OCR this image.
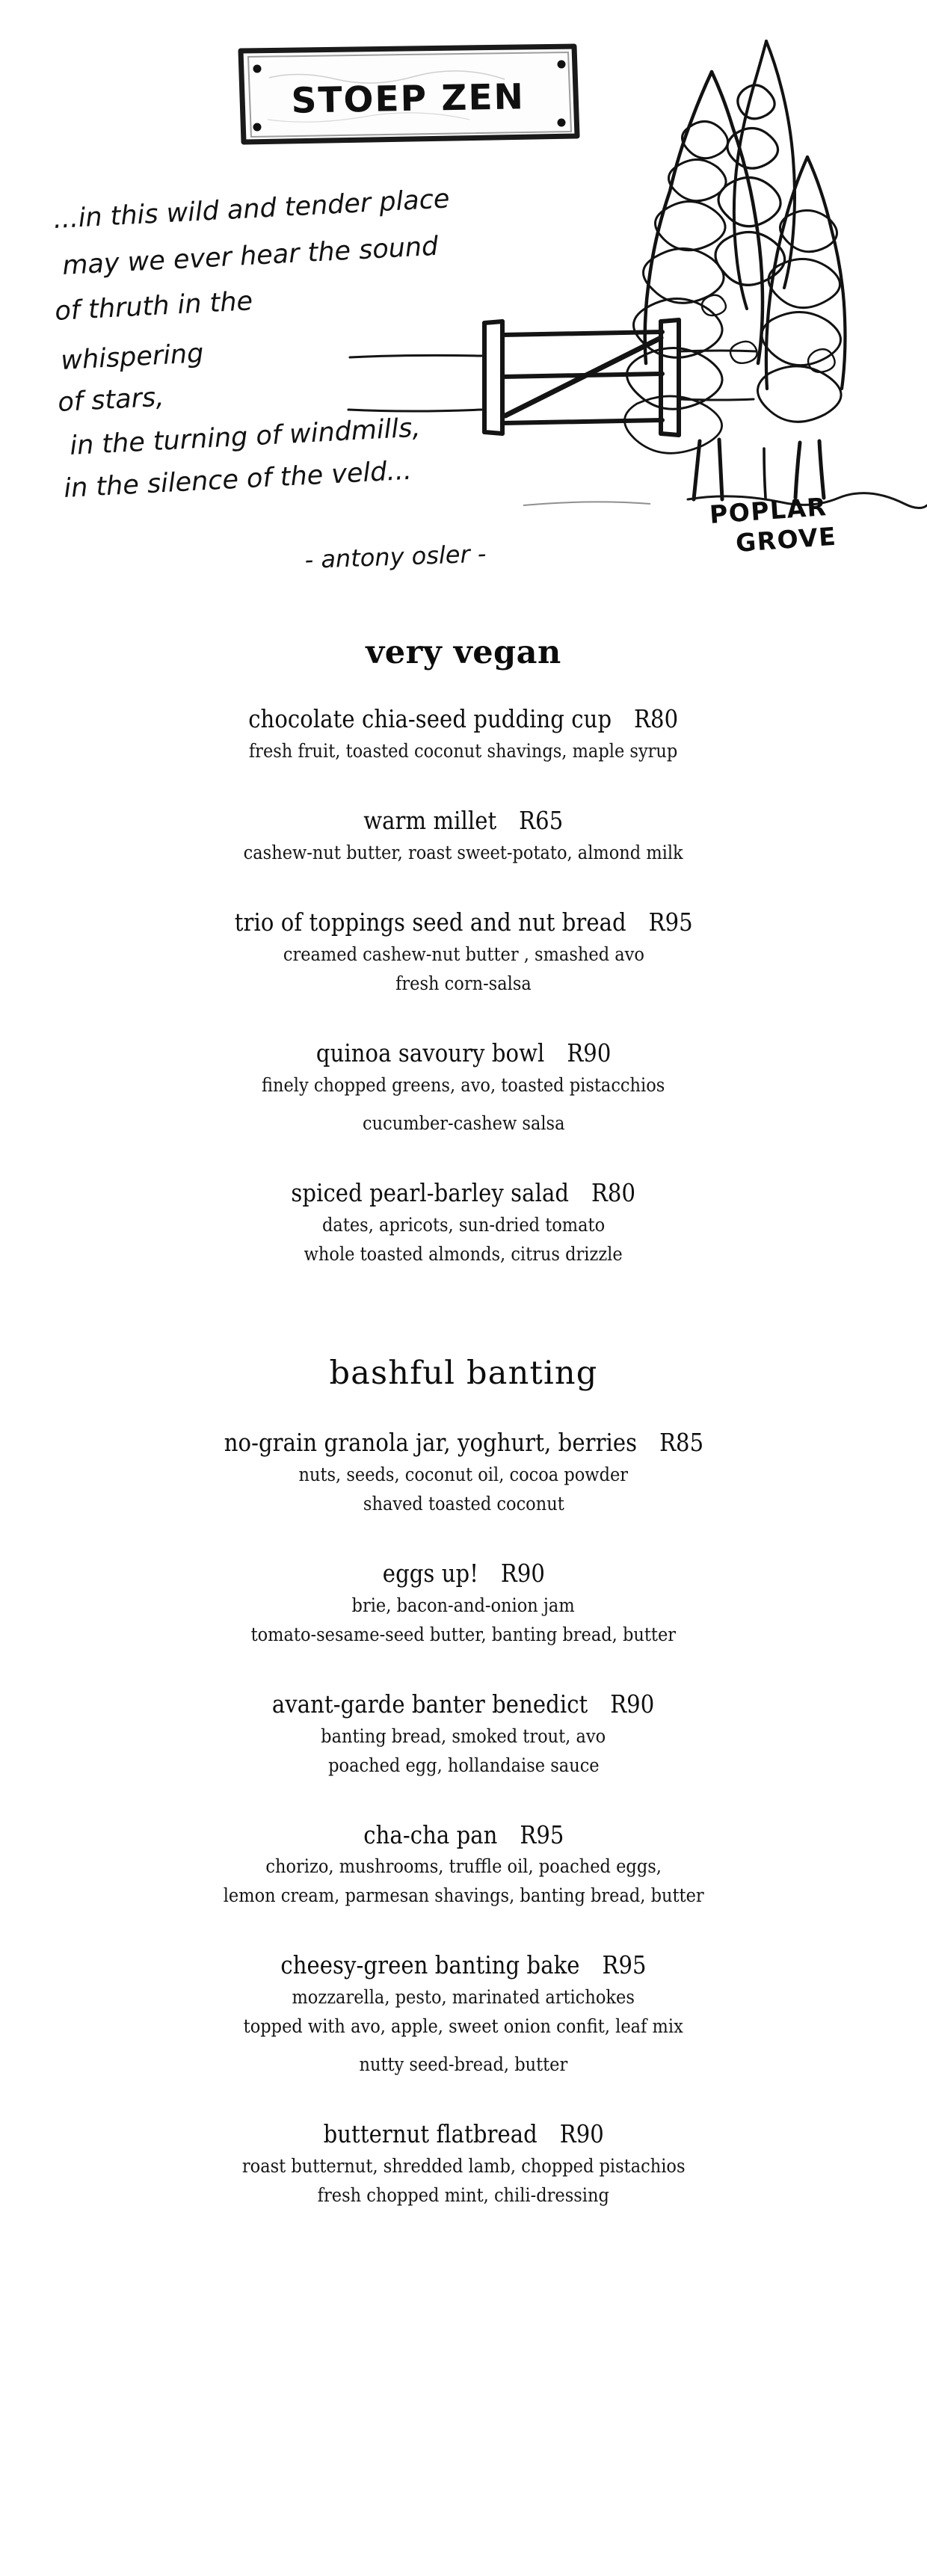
STOEP ZEN
POPLAR
GROVE
...in this wild and tender place
may we ever hear the sound
of thruth in the
whispering
of stars,
in the turning of windmills,
in the silence of the veld...
- antony osler -
very vegan
chocolate chia-seed pudding cup R80
fresh fruit, toasted coconut shavings, maple syrup
warm millet R65
cashew-nut butter, roast sweet-potato, almond milk
trio of toppings seed and nut bread R95
creamed cashew-nut butter , smashed avo
fresh corn-salsa
quinoa savoury bowl R90
finely chopped greens, avo, toasted pistacchios
cucumber-cashew salsa
spiced pearl-barley salad R80
dates, apricots, sun-dried tomato
whole toasted almonds, citrus drizzle
bashful banting
no-grain granola jar, yoghurt, berries R85
nuts, seeds, coconut oil, cocoa powder
shaved toasted coconut
eggs up! R90
brie, bacon-and-onion jam
tomato-sesame-seed butter, banting bread, butter
avant-garde banter benedict R90
banting bread, smoked trout, avo
poached egg, hollandaise sauce
cha-cha pan R95
chorizo, mushrooms, truffle oil, poached eggs,
lemon cream, parmesan shavings, banting bread, butter
cheesy-green banting bake R95
mozzarella, pesto, marinated artichokes
topped with avo, apple, sweet onion confit, leaf mix
nutty seed-bread, butter
butternut flatbread R90
roast butternut, shredded lamb, chopped pistachios
fresh chopped mint, chili-dressing
